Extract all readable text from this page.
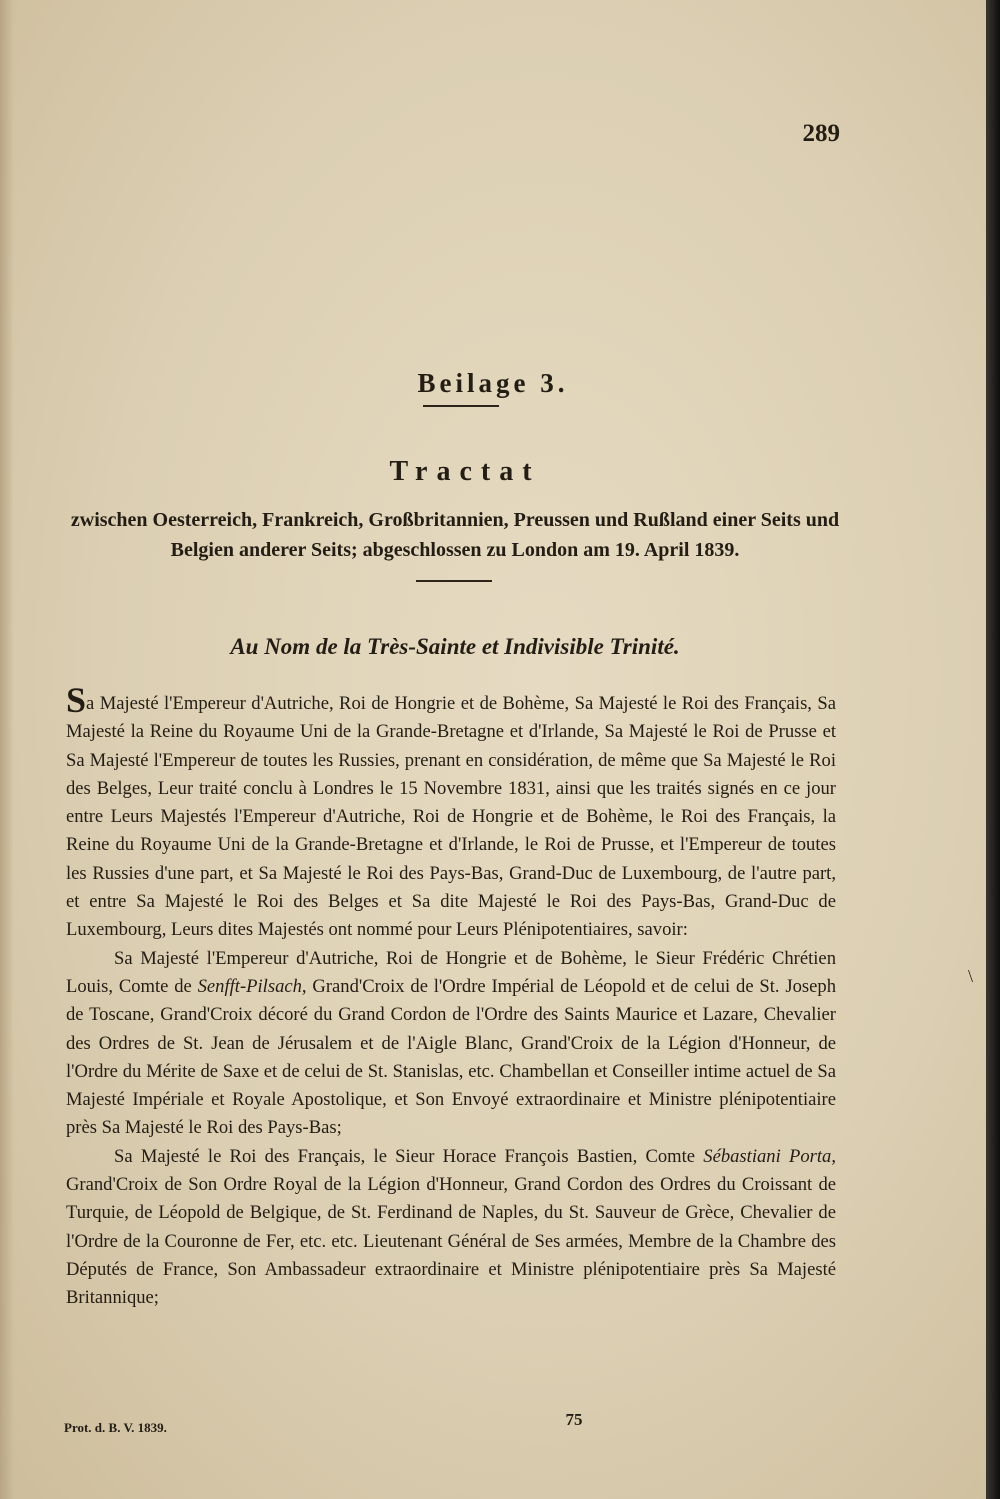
289
Beilage 3.
Tractat
zwischen Oesterreich, Frankreich, Großbritannien, Preussen und Rußland einer Seits und Belgien anderer Seits; abgeschlossen zu London am 19. April 1839.
Au Nom de la Très-Sainte et Indivisible Trinité.

Sa Majesté l'Empereur d'Autriche, Roi de Hongrie et de Bohème, Sa Majesté le Roi des Français, Sa Majesté la Reine du Royaume Uni de la Grande-Bretagne et d'Irlande, Sa Majesté le Roi de Prusse et Sa Majesté l'Empereur de toutes les Russies, prenant en considération, de même que Sa Majesté le Roi des Belges, Leur traité conclu à Londres le 15 Novembre 1831, ainsi que les traités signés en ce jour entre Leurs Majestés l'Empereur d'Autriche, Roi de Hongrie et de Bohème, le Roi des Français, la Reine du Royaume Uni de la Grande-Bretagne et d'Irlande, le Roi de Prusse, et l'Empereur de toutes les Russies d'une part, et Sa Majesté le Roi des Pays-Bas, Grand-Duc de Luxembourg, de l'autre part, et entre Sa Majesté le Roi des Belges et Sa dite Majesté le Roi des Pays-Bas, Grand-Duc de Luxembourg, Leurs dites Majestés ont nommé pour Leurs Plénipotentiaires, savoir:

Sa Majesté l'Empereur d'Autriche, Roi de Hongrie et de Bohème, le Sieur Frédéric Chrétien Louis, Comte de Senfft-Pilsach, Grand'Croix de l'Ordre Impérial de Léopold et de celui de St. Joseph de Toscane, Grand'Croix décoré du Grand Cordon de l'Ordre des Saints Maurice et Lazare, Chevalier des Ordres de St. Jean de Jérusalem et de l'Aigle Blanc, Grand'Croix de la Légion d'Honneur, de l'Ordre du Mérite de Saxe et de celui de St. Stanislas, etc. Chambellan et Conseiller intime actuel de Sa Majesté Impériale et Royale Apostolique, et Son Envoyé extraordinaire et Ministre plénipotentiaire près Sa Majesté le Roi des Pays-Bas;

Sa Majesté le Roi des Français, le Sieur Horace François Bastien, Comte Sébastiani Porta, Grand'Croix de Son Ordre Royal de la Légion d'Honneur, Grand Cordon des Ordres du Croissant de Turquie, de Léopold de Belgique, de St. Ferdinand de Naples, du St. Sauveur de Grèce, Chevalier de l'Ordre de la Couronne de Fer, etc. etc. Lieutenant Général de Ses armées, Membre de la Chambre des Députés de France, Son Ambassadeur extraordinaire et Ministre plénipotentiaire près Sa Majesté Britannique;

Prot. d. B. V. 1839.	75
\
